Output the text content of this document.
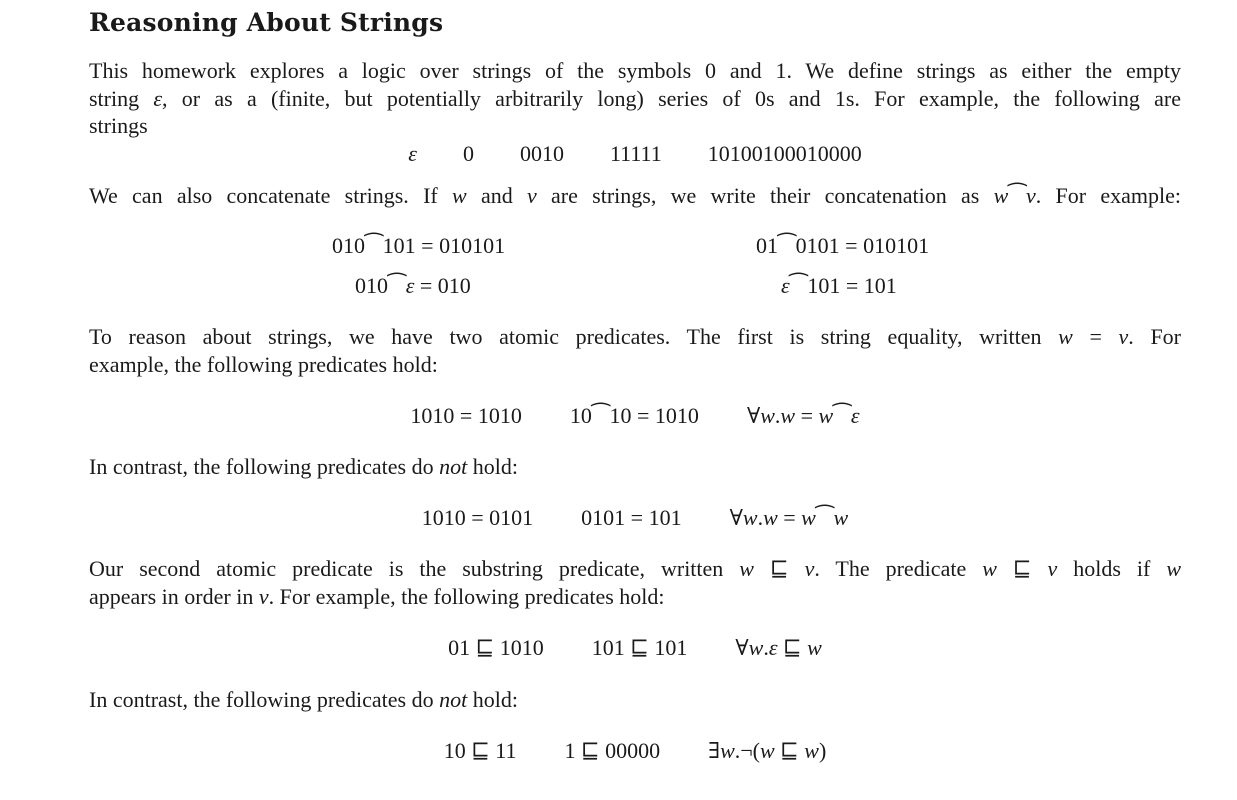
Reasoning About Strings
This homework explores a logic over strings of the symbols 0 and 1. We define strings as either the empty
string ε, or as a (finite, but potentially arbitrarily long) series of 0s and 1s. For example, the following are
strings
ε 0 0010 11111 10100100010000
We can also concatenate strings. If w and v are strings, we write their concatenation as w⁀v. For example:
010⁀101 = 010101	01⁀0101 = 010101
010⁀ε = 010	ε⁀101 = 101
To reason about strings, we have two atomic predicates. The first is string equality, written w = v. For
example, the following predicates hold:
1010 = 1010 10⁀10 = 1010 ∀w.w = w⁀ε
In contrast, the following predicates do not hold:
1010 = 0101 0101 = 101 ∀w.w = w⁀w
Our second atomic predicate is the substring predicate, written w ⊑ v. The predicate w ⊑ v holds if w
appears in order in v. For example, the following predicates hold:
01 ⊑ 1010 101 ⊑ 101 ∀w.ε ⊑ w
In contrast, the following predicates do not hold:
10 ⊑ 11 1 ⊑ 00000 ∃w.¬(w ⊑ w)
